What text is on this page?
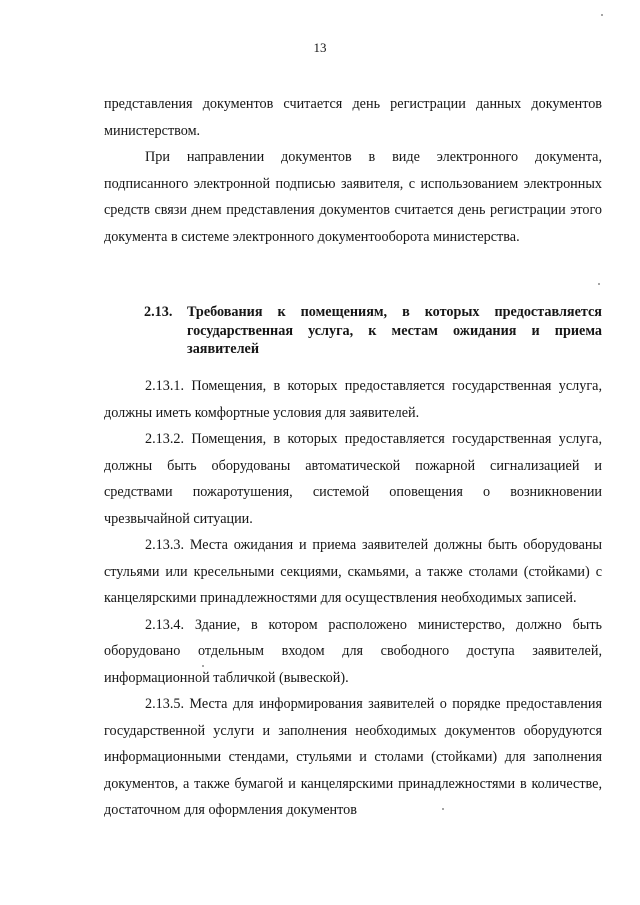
13

представления документов считается день регистрации данных документов министерством.

При направлении документов в виде электронного документа, подписанного электронной подписью заявителя, с использованием электронных средств связи днем представления документов считается день регистрации этого документа в системе электронного документооборота министерства.

2.13. Требования к помещениям, в которых предоставляется государственная услуга, к местам ожидания и приема заявителей

2.13.1. Помещения, в которых предоставляется государственная услуга, должны иметь комфортные условия для заявителей.

2.13.2. Помещения, в которых предоставляется государственная услуга, должны быть оборудованы автоматической пожарной сигнализацией и средствами пожаротушения, системой оповещения о возникновении чрезвычайной ситуации.

2.13.3. Места ожидания и приема заявителей должны быть оборудованы стульями или кресельными секциями, скамьями, а также столами (стойками) с канцелярскими принадлежностями для осуществления необходимых записей.

2.13.4. Здание, в котором расположено министерство, должно быть оборудовано отдельным входом для свободного доступа заявителей, информационной табличкой (вывеской).

2.13.5. Места для информирования заявителей о порядке предоставления государственной услуги и заполнения необходимых документов оборудуются информационными стендами, стульями и столами (стойками) для заполнения документов, а также бумагой и канцелярскими принадлежностями в количестве, достаточном для оформления документов
